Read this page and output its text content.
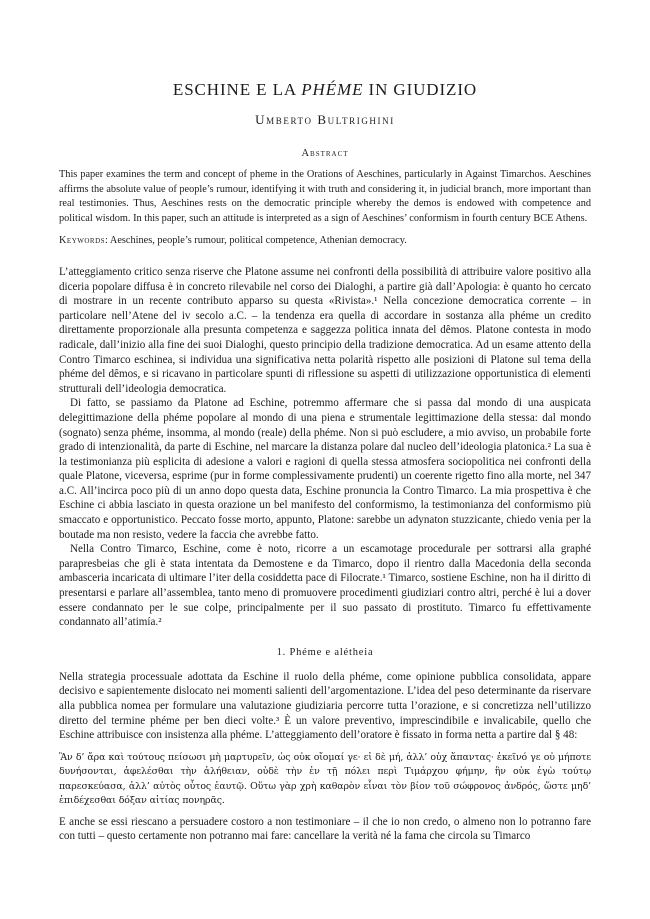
ESCHINE E LA PHÉME IN GIUDIZIO
Umberto Bultrighini
Abstract
This paper examines the term and concept of pheme in the Orations of Aeschines, particularly in Against Timarchos. Aeschines affirms the absolute value of people’s rumour, identifying it with truth and considering it, in judicial branch, more important than real testimonies. Thus, Aeschines rests on the democratic principle whereby the demos is endowed with competence and political wisdom. In this paper, such an attitude is interpreted as a sign of Aeschines’ conformism in fourth century BCE Athens.
Keywords: Aeschines, people’s rumour, political competence, Athenian democracy.

L’atteggiamento critico senza riserve che Platone assume nei confronti della possibilità di attribuire valore positivo alla diceria popolare diffusa è in concreto rilevabile nel corso dei Dialoghi, a partire già dall’Apologia: è quanto ho cercato di mostrare in un recente contributo apparso su questa «Rivista».¹ Nella concezione democratica corrente – in particolare nell’Atene del iv secolo a.C. – la tendenza era quella di accordare in sostanza alla phéme un credito direttamente proporzionale alla presunta competenza e saggezza politica innata del dêmos. Platone contesta in modo radicale, dall’inizio alla fine dei suoi Dialoghi, questo principio della tradizione democratica. Ad un esame attento della Contro Timarco eschinea, si individua una significativa netta polarità rispetto alle posizioni di Platone sul tema della phéme del dêmos, e si ricavano in particolare spunti di riflessione su aspetti di utilizzazione opportunistica di elementi strutturali dell’ideologia democratica.

Di fatto, se passiamo da Platone ad Eschine, potremmo affermare che si passa dal mondo di una auspicata delegittimazione della phéme popolare al mondo di una piena e strumentale legittimazione della stessa: dal mondo (sognato) senza phéme, insomma, al mondo (reale) della phéme. Non si può escludere, a mio avviso, un probabile forte grado di intenzionalità, da parte di Eschine, nel marcare la distanza polare dal nucleo dell’ideologia platonica.² La sua è la testimonianza più esplicita di adesione a valori e ragioni di quella stessa atmosfera sociopolitica nei confronti della quale Platone, viceversa, esprime (pur in forme complessivamente prudenti) un coerente rigetto fino alla morte, nel 347 a.C. All’incirca poco più di un anno dopo questa data, Eschine pronuncia la Contro Timarco. La mia prospettiva è che Eschine ci abbia lasciato in questa orazione un bel manifesto del conformismo, la testimonianza del conformismo più smaccato e opportunistico. Peccato fosse morto, appunto, Platone: sarebbe un adynaton stuzzicante, chiedo venia per la boutade ma non resisto, vedere la faccia che avrebbe fatto.

Nella Contro Timarco, Eschine, come è noto, ricorre a un escamotage procedurale per sottrarsi alla graphé parapresbeias che gli è stata intentata da Demostene e da Timarco, dopo il rientro dalla Macedonia della seconda ambasceria incaricata di ultimare l’iter della cosiddetta pace di Filocrate.¹ Timarco, sostiene Eschine, non ha il diritto di presentarsi e parlare all’assemblea, tanto meno di promuovere procedimenti giudiziari contro altri, perché è lui a dover essere condannato per le sue colpe, principalmente per il suo passato di prostituto. Timarco fu effettivamente condannato all’atimía.²

1. Phéme e alétheia

Nella strategia processuale adottata da Eschine il ruolo della phéme, come opinione pubblica consolidata, appare decisivo e sapientemente dislocato nei momenti salienti dell’argomentazione. L’idea del peso determinante da riservare alla pubblica nomea per formulare una valutazione giudiziaria percorre tutta l’orazione, e si concretizza nell’utilizzo diretto del termine phéme per ben dieci volte.³ È un valore preventivo, imprescindibile e invalicabile, quello che Eschine attribuisce con insistenza alla phéme. L’atteggiamento dell’oratore è fissato in forma netta a partire dal § 48:

Ἂν δ’ ἄρα καὶ τούτους πείσωσι μὴ μαρτυρεῖν, ὡς οὐκ οἴομαί γε· εἰ δὲ μή, ἀλλ’ οὐχ ἅπαντας· ἐκεῖνό γε οὐ μήποτε δυνήσονται, ἀφελέσθαι τὴν ἀλήθειαν, οὐδὲ τὴν ἐν τῇ πόλει περὶ Τιμάρχου φήμην, ἣν οὐκ ἐγὼ τούτῳ παρεσκεύασα, ἀλλ’ αὐτὸς οὗτος ἑαυτῷ. Οὕτω γὰρ χρὴ καθαρὸν εἶναι τὸν βίον τοῦ σώφρονος ἀνδρός, ὥστε μηδ’ ἐπιδέχεσθαι δόξαν αἰτίας πονηρᾶς.

E anche se essi riescano a persuadere costoro a non testimoniare – il che io non credo, o almeno non lo potranno fare con tutti – questo certamente non potranno mai fare: cancellare la verità né la fama che circola su Timarco
